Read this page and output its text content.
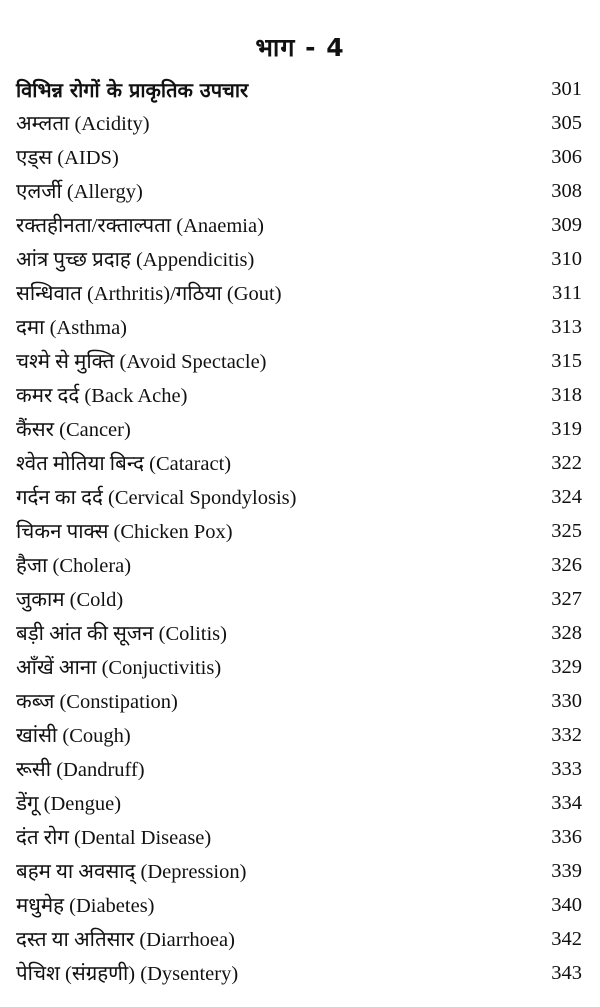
भाग - 4
विभिन्न रोगों के प्राकृतिक उपचार	301
अम्लता (Acidity)	305
एड्स (AIDS)	306
एलर्जी (Allergy)	308
रक्तहीनता/रक्ताल्पता (Anaemia)	309
आंत्र पुच्छ प्रदाह (Appendicitis)	310
सन्धिवात (Arthritis)/गठिया (Gout)	311
दमा (Asthma)	313
चश्मे से मुक्ति (Avoid Spectacle)	315
कमर दर्द (Back Ache)	318
कैंसर (Cancer)	319
श्वेत मोतिया बिन्द (Cataract)	322
गर्दन का दर्द (Cervical Spondylosis)	324
चिकन पाक्स (Chicken Pox)	325
हैजा (Cholera)	326
जुकाम (Cold)	327
बड़ी आंत की सूजन (Colitis)	328
आँखें आना (Conjuctivitis)	329
कब्ज (Constipation)	330
खांसी (Cough)	332
रूसी (Dandruff)	333
डेंगू (Dengue)	334
दंत रोग (Dental Disease)	336
बहम या अवसाद् (Depression)	339
मधुमेह (Diabetes)	340
दस्त या अतिसार (Diarrhoea)	342
पेचिश (संग्रहणी) (Dysentery)	343
